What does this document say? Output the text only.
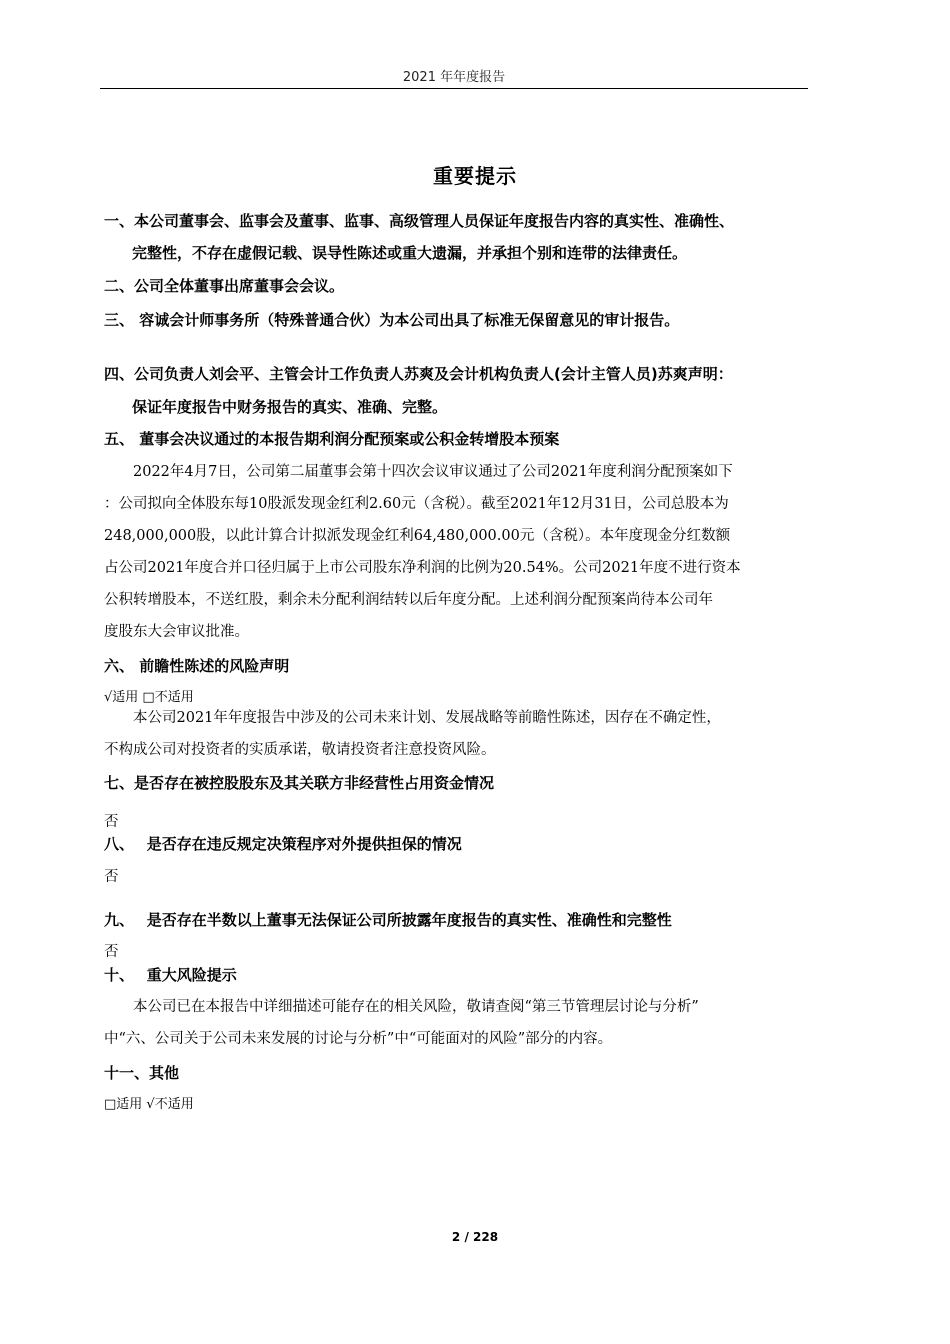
2021 年年度报告
重要提示
一、本公司董事会、监事会及董事、监事、高级管理人员保证年度报告内容的真实性、准确性、
完整性，不存在虚假记载、误导性陈述或重大遗漏，并承担个别和连带的法律责任。
二、公司全体董事出席董事会会议。
三、 容诚会计师事务所（特殊普通合伙）为本公司出具了标准无保留意见的审计报告。
四、公司负责人刘会平、主管会计工作负责人苏爽及会计机构负责人(会计主管人员)苏爽声明：
保证年度报告中财务报告的真实、准确、完整。
五、 董事会决议通过的本报告期利润分配预案或公积金转增股本预案
　　2022年4月7日，公司第二届董事会第十四次会议审议通过了公司2021年度利润分配预案如下
：公司拟向全体股东每10股派发现金红利2.60元（含税）。截至2021年12月31日，公司总股本为
248,000,000股，以此计算合计拟派发现金红利64,480,000.00元（含税）。本年度现金分红数额
占公司2021年度合并口径归属于上市公司股东净利润的比例为20.54%。公司2021年度不进行资本
公积转增股本，不送红股，剩余未分配利润结转以后年度分配。上述利润分配预案尚待本公司年
度股东大会审议批准。
六、 前瞻性陈述的风险声明
√适用 □不适用
　　本公司2021年年度报告中涉及的公司未来计划、发展战略等前瞻性陈述，因存在不确定性，
不构成公司对投资者的实质承诺，敬请投资者注意投资风险。
七、是否存在被控股股东及其关联方非经营性占用资金情况
否
八、　 是否存在违反规定决策程序对外提供担保的情况
否
九、　 是否存在半数以上董事无法保证公司所披露年度报告的真实性、准确性和完整性
否
十、　 重大风险提示
　　本公司已在本报告中详细描述可能存在的相关风险，敬请查阅“第三节管理层讨论与分析”
中“六、公司关于公司未来发展的讨论与分析”中“可能面对的风险”部分的内容。
十一、其他
□适用 √不适用
2 / 228
